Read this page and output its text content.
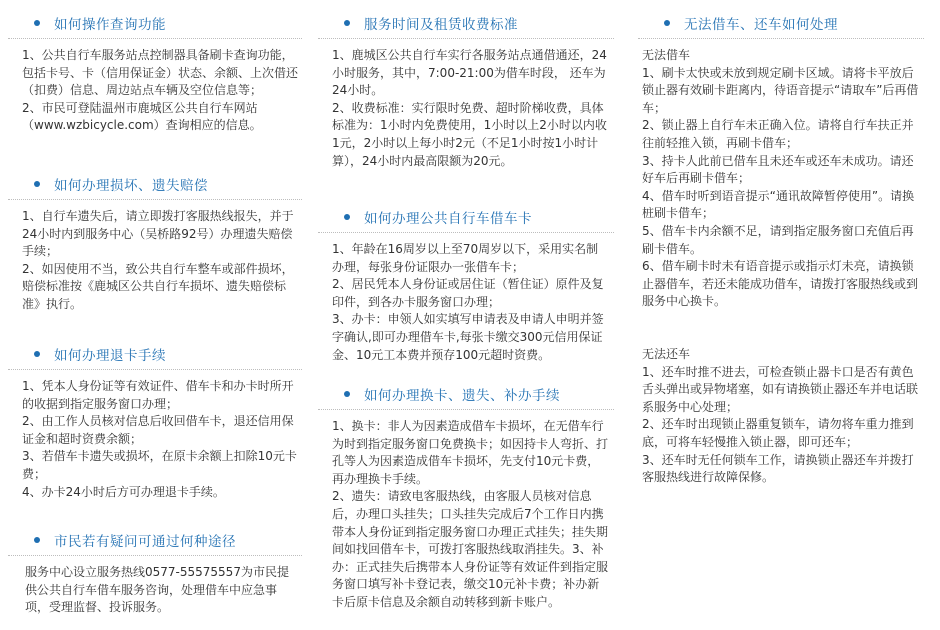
如何操作查询功能

1、公共自行车服务站点控制器具备刷卡查询功能，包括卡号、卡（信用保证金）状态、余额、上次借还（扣费）信息、周边站点车辆及空位信息等；

2、市民可登陆温州市鹿城区公共自行车网站（www.wzbicycle.com）查询相应的信息。

如何办理损坏、遗失赔偿

1、自行车遗失后，请立即拨打客服热线报失，并于24小时内到服务中心（吴桥路92号）办理遗失赔偿手续；

2、如因使用不当，致公共自行车整车或部件损坏，赔偿标准按《鹿城区公共自行车损坏、遗失赔偿标准》执行。

如何办理退卡手续

1、凭本人身份证等有效证件、借车卡和办卡时所开的收据到指定服务窗口办理；

2、由工作人员核对信息后收回借车卡，退还信用保证金和超时资费余额；

3、若借车卡遗失或损坏，在原卡余额上扣除10元卡费；

4、办卡24小时后方可办理退卡手续。

市民若有疑问可通过何种途径

服务中心设立服务热线0577-55575557为市民提供公共自行车借车服务咨询，处理借车中应急事项，受理监督、投诉服务。

服务时间及租赁收费标准

1、鹿城区公共自行车实行各服务站点通借通还，24小时服务，其中，7:00-21:00为借车时段， 还车为24小时。

2、收费标准：实行限时免费、超时阶梯收费，具体标准为：1小时内免费使用，1小时以上2小时以内收1元，2小时以上每小时2元（不足1小时按1小时计算），24小时内最高限额为20元。

如何办理公共自行车借车卡

1、年龄在16周岁以上至70周岁以下，采用实名制办理，每张身份证限办一张借车卡；

2、居民凭本人身份证或居住证（暂住证）原件及复印件，到各办卡服务窗口办理；

3、办卡：申领人如实填写申请表及申请人申明并签字确认,即可办理借车卡,每张卡缴交300元信用保证金、10元工本费并预存100元超时资费。

如何办理换卡、遗失、补办手续

1、换卡：非人为因素造成借车卡损坏，在无借车行为时到指定服务窗口免费换卡；如因持卡人弯折、打孔等人为因素造成借车卡损坏，先支付10元卡费，再办理换卡手续。

2、遗失：请致电客服热线，由客服人员核对信息后，办理口头挂失；口头挂失完成后7个工作日内携带本人身份证到指定服务窗口办理正式挂失；挂失期间如找回借车卡，可拨打客服热线取消挂失。3、补办：正式挂失后携带本人身份证等有效证件到指定服务窗口填写补卡登记表，缴交10元补卡费；补办新卡后原卡信息及余额自动转移到新卡账户。

无法借车、还车如何处理

无法借车

1、刷卡太快或未放到规定刷卡区域。请将卡平放后锁止器有效刷卡距离内，待语音提示“请取车”后再借车；

2、锁止器上自行车未正确入位。请将自行车扶正并往前轻推入锁，再刷卡借车；

3、持卡人此前已借车且未还车或还车未成功。请还好车后再刷卡借车；

4、借车时听到语音提示“通讯故障暂停使用”。请换桩刷卡借车；

5、借车卡内余额不足，请到指定服务窗口充值后再刷卡借车。

6、借车刷卡时未有语音提示或指示灯未亮，请换锁止器借车，若还未能成功借车，请拨打客服热线或到服务中心换卡。

无法还车

1、还车时推不进去，可检查锁止器卡口是否有黄色舌头弹出或异物堵塞，如有请换锁止器还车并电话联系服务中心处理；

2、还车时出现锁止器重复锁车，请勿将车重力推到底，可将车轻慢推入锁止器，即可还车；

3、还车时无任何锁车工作，请换锁止器还车并拨打客服热线进行故障保修。
